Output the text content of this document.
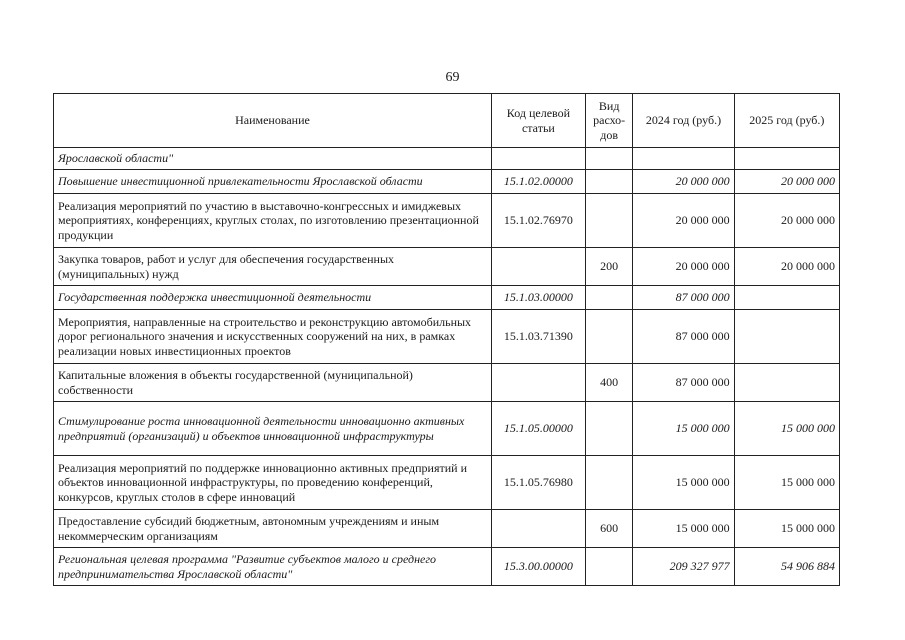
69
Наименование	Код целевой статьи	Вид расхо-дов	2024 год (руб.)	2025 год (руб.)
Ярославской области"				
Повышение инвестиционной привлекательности Ярославской области	15.1.02.00000		20 000 000	20 000 000
Реализация мероприятий по участию в выставочно-конгрессных и имиджевых мероприятиях, конференциях, круглых столах, по изготовлению презентационной продукции	15.1.02.76970		20 000 000	20 000 000
Закупка товаров, работ и услуг для обеспечения государственных (муниципальных) нужд		200	20 000 000	20 000 000
Государственная поддержка инвестиционной деятельности	15.1.03.00000		87 000 000	
Мероприятия, направленные на строительство и реконструкцию автомобильных дорог регионального значения и искусственных сооружений на них, в рамках реализации новых инвестиционных проектов	15.1.03.71390		87 000 000	
Капитальные вложения в объекты государственной (муниципальной) собственности		400	87 000 000	
Стимулирование роста инновационной деятельности инновационно активных предприятий (организаций) и объектов инновационной инфраструктуры	15.1.05.00000		15 000 000	15 000 000
Реализация мероприятий по поддержке инновационно активных предприятий и объектов инновационной инфраструктуры, по проведению конференций, конкурсов, круглых столов в сфере инноваций	15.1.05.76980		15 000 000	15 000 000
Предоставление субсидий бюджетным, автономным учреждениям и иным некоммерческим организациям		600	15 000 000	15 000 000
Региональная целевая программа "Развитие субъектов малого и среднего предпринимательства Ярославской области"	15.3.00.00000		209 327 977	54 906 884
